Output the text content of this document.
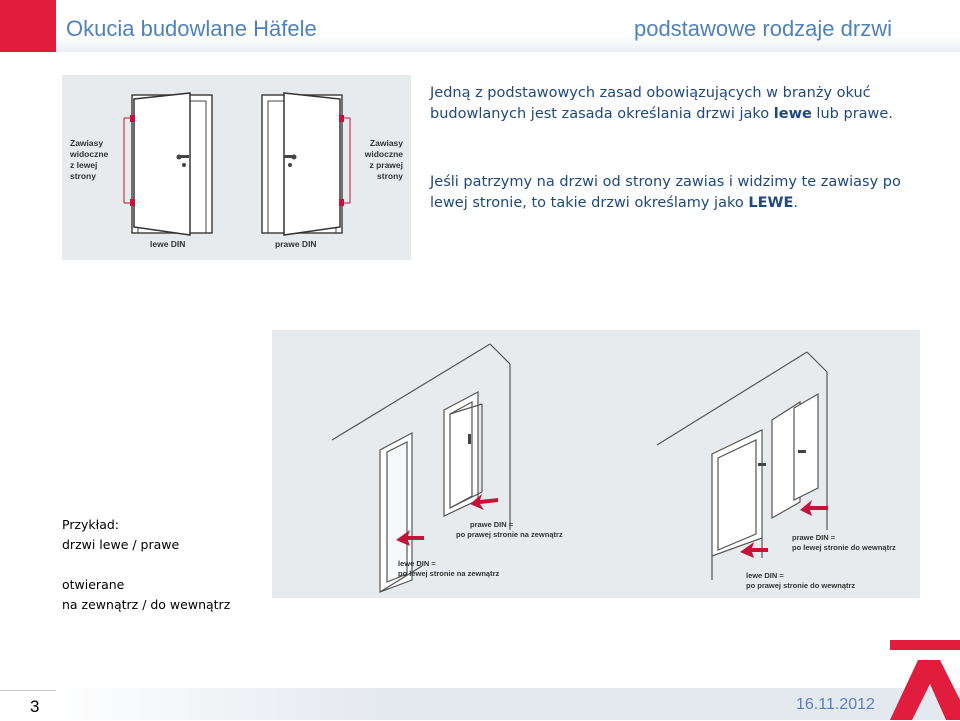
Okucia budowlane Häfele	podstawowe rodzaje drzwi
Zawiasy
widoczne
z lewej
strony
Zawiasy
widoczne
z prawej
strony
lewe DIN	prawe DIN
Jedną z podstawowych zasad obowiązujących w branży okuć budowlanych jest zasada określania drzwi jako lewe lub prawe.
Jeśli patrzymy na drzwi od strony zawias i widzimy te zawiasy po lewej stronie, to takie drzwi określamy jako LEWE.
prawe DIN =
po prawej stronie na zewnątrz
lewe DIN =
po lewej stronie na zewnątrz
prawe DIN =
po lewej stronie do wewnątrz
lewe DIN =
po prawej stronie do wewnątrz
Przykład:
drzwi lewe / prawe
otwierane
na zewnątrz / do wewnątrz
3	16.11.2012
